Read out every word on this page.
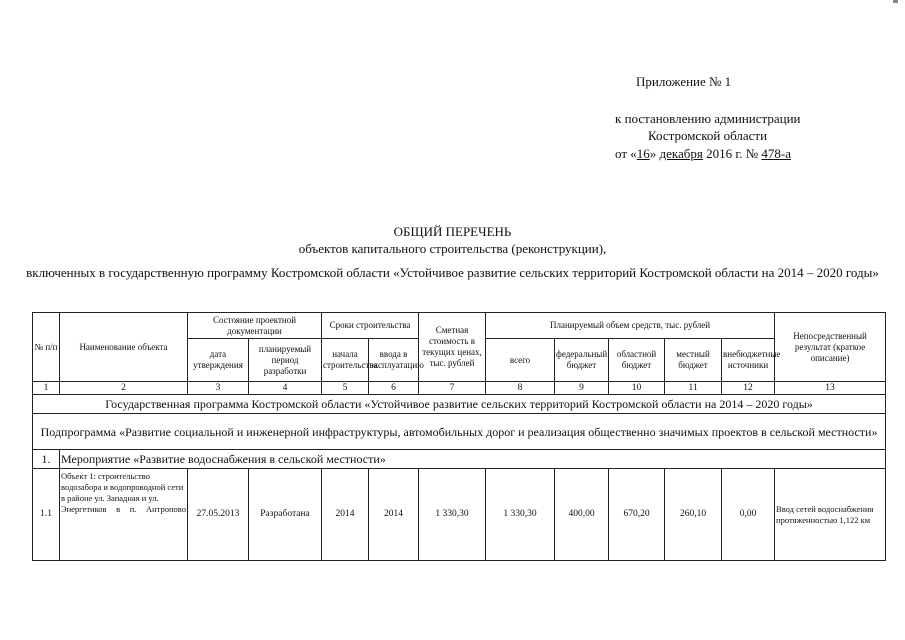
Приложение № 1
к постановлению администрации
Костромской области
от «16» декабря 2016 г. № 478-а
ОБЩИЙ ПЕРЕЧЕНЬ
объектов капитального строительства (реконструкции),
включенных в государственную программу Костромской области «Устойчивое развитие сельских территорий Костромской области на 2014 – 2020 годы»
№ п/п	Наименование объекта	Состояние проектной документации		Сроки строительства		Сметная стоимость в текущих ценах, тыс. рублей	Планируемый объем средств, тыс. рублей					Непосредственный результат (краткое описание)
		дата утверждения	планируемый период разработки	начала строительства	ввода в эксплуатацию		всего	федеральный бюджет	областной бюджет	местный бюджет	внебюджетные источники	
1	2	3	4	5	6	7	8	9	10	11	12	13
Государственная программа Костромской области «Устойчивое развитие сельских территорий Костромской области на 2014 – 2020 годы»												
Подпрограмма «Развитие социальной и инженерной инфраструктуры, автомобильных дорог и реализация общественно значимых проектов в сельской местности»												
1.	Мероприятие «Развитие водоснабжения в сельской местности»											
1.1	Объект 1: строительство водозабора и водопроводной сети в районе ул. Западная и ул. Энергетиков в п. Антропово	27.05.2013	Разработана	2014	2014	1 330,30	1 330,30	400,00	670,20	260,10	0,00	Ввод сетей водоснабжения протяженностью 1,122 км
